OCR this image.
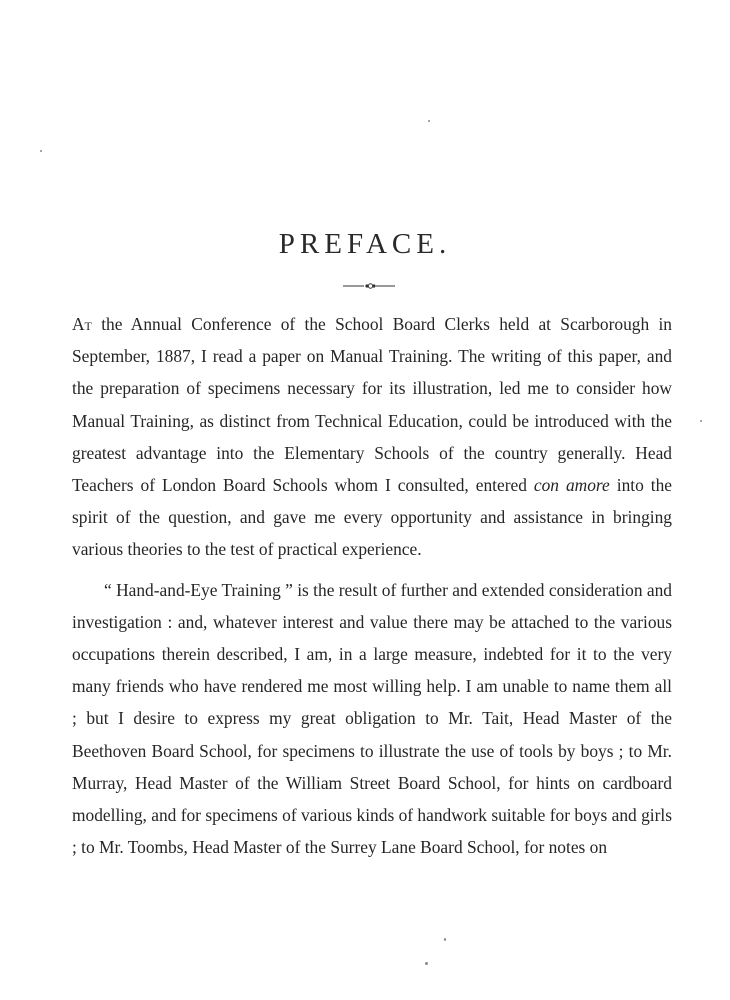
PREFACE.

At the Annual Conference of the School Board Clerks held at Scarborough in September, 1887, I read a paper on Manual Training. The writing of this paper, and the preparation of specimens necessary for its illustration, led me to consider how Manual Training, as distinct from Technical Education, could be introduced with the greatest advantage into the Elementary Schools of the country generally. Head Teachers of London Board Schools whom I consulted, entered con amore into the spirit of the question, and gave me every opportunity and assistance in bringing various theories to the test of practical experience.

“ Hand-and-Eye Training ” is the result of further and extended consideration and investigation : and, whatever interest and value there may be attached to the various occupations therein described, I am, in a large measure, indebted for it to the very many friends who have rendered me most willing help. I am unable to name them all ; but I desire to express my great obligation to Mr. Tait, Head Master of the Beethoven Board School, for specimens to illustrate the use of tools by boys ; to Mr. Murray, Head Master of the William Street Board School, for hints on cardboard modelling, and for specimens of various kinds of handwork suitable for boys and girls ; to Mr. Toombs, Head Master of the Surrey Lane Board School, for notes on
